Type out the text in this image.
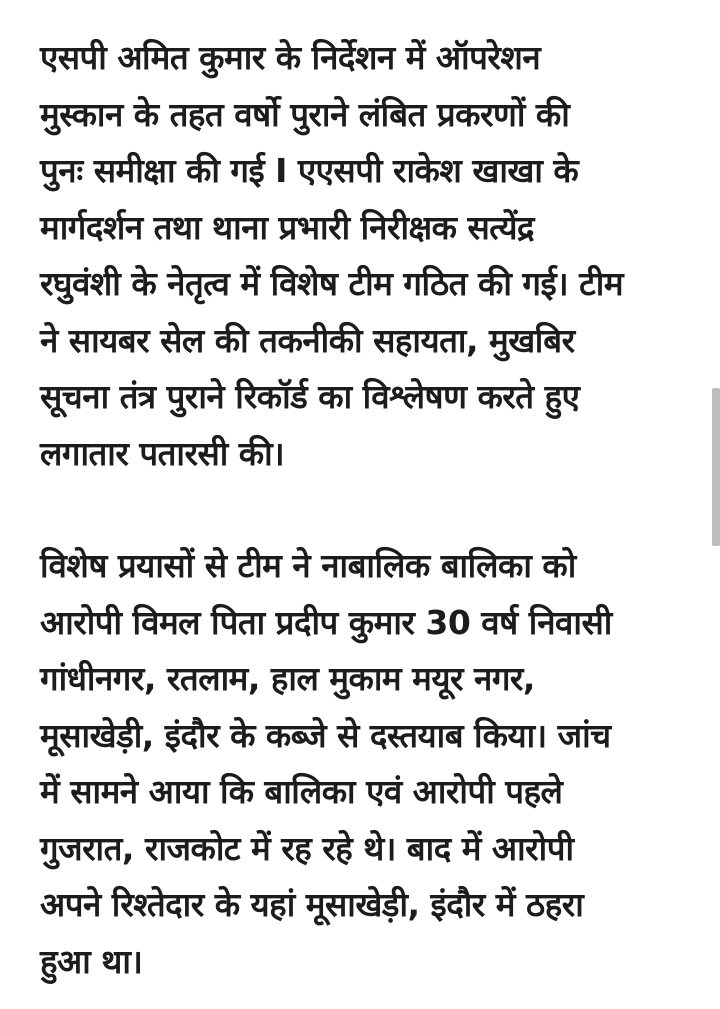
एसपी अमित कुमार के निर्देशन में ऑपरेशन
मुस्कान के तहत वर्षो पुराने लंबित प्रकरणों की
पुनः समीक्षा की गई I एएसपी राकेश खाखा के
मार्गदर्शन तथा थाना प्रभारी निरीक्षक सत्येंद्र
रघुवंशी के नेतृत्व में विशेष टीम गठित की गई। टीम
ने सायबर सेल की तकनीकी सहायता, मुखबिर
सूचना तंत्र पुराने रिकॉर्ड का विश्लेषण करते हुए
लगातार पतारसी की।
विशेष प्रयासों से टीम ने नाबालिक बालिका को
आरोपी विमल पिता प्रदीप कुमार 30 वर्ष निवासी
गांधीनगर, रतलाम, हाल मुकाम मयूर नगर,
मूसाखेड़ी, इंदौर के कब्जे से दस्तयाब किया। जांच
में सामने आया कि बालिका एवं आरोपी पहले
गुजरात, राजकोट में रह रहे थे। बाद में आरोपी
अपने रिश्तेदार के यहां मूसाखेड़ी, इंदौर में ठहरा
हुआ था।
